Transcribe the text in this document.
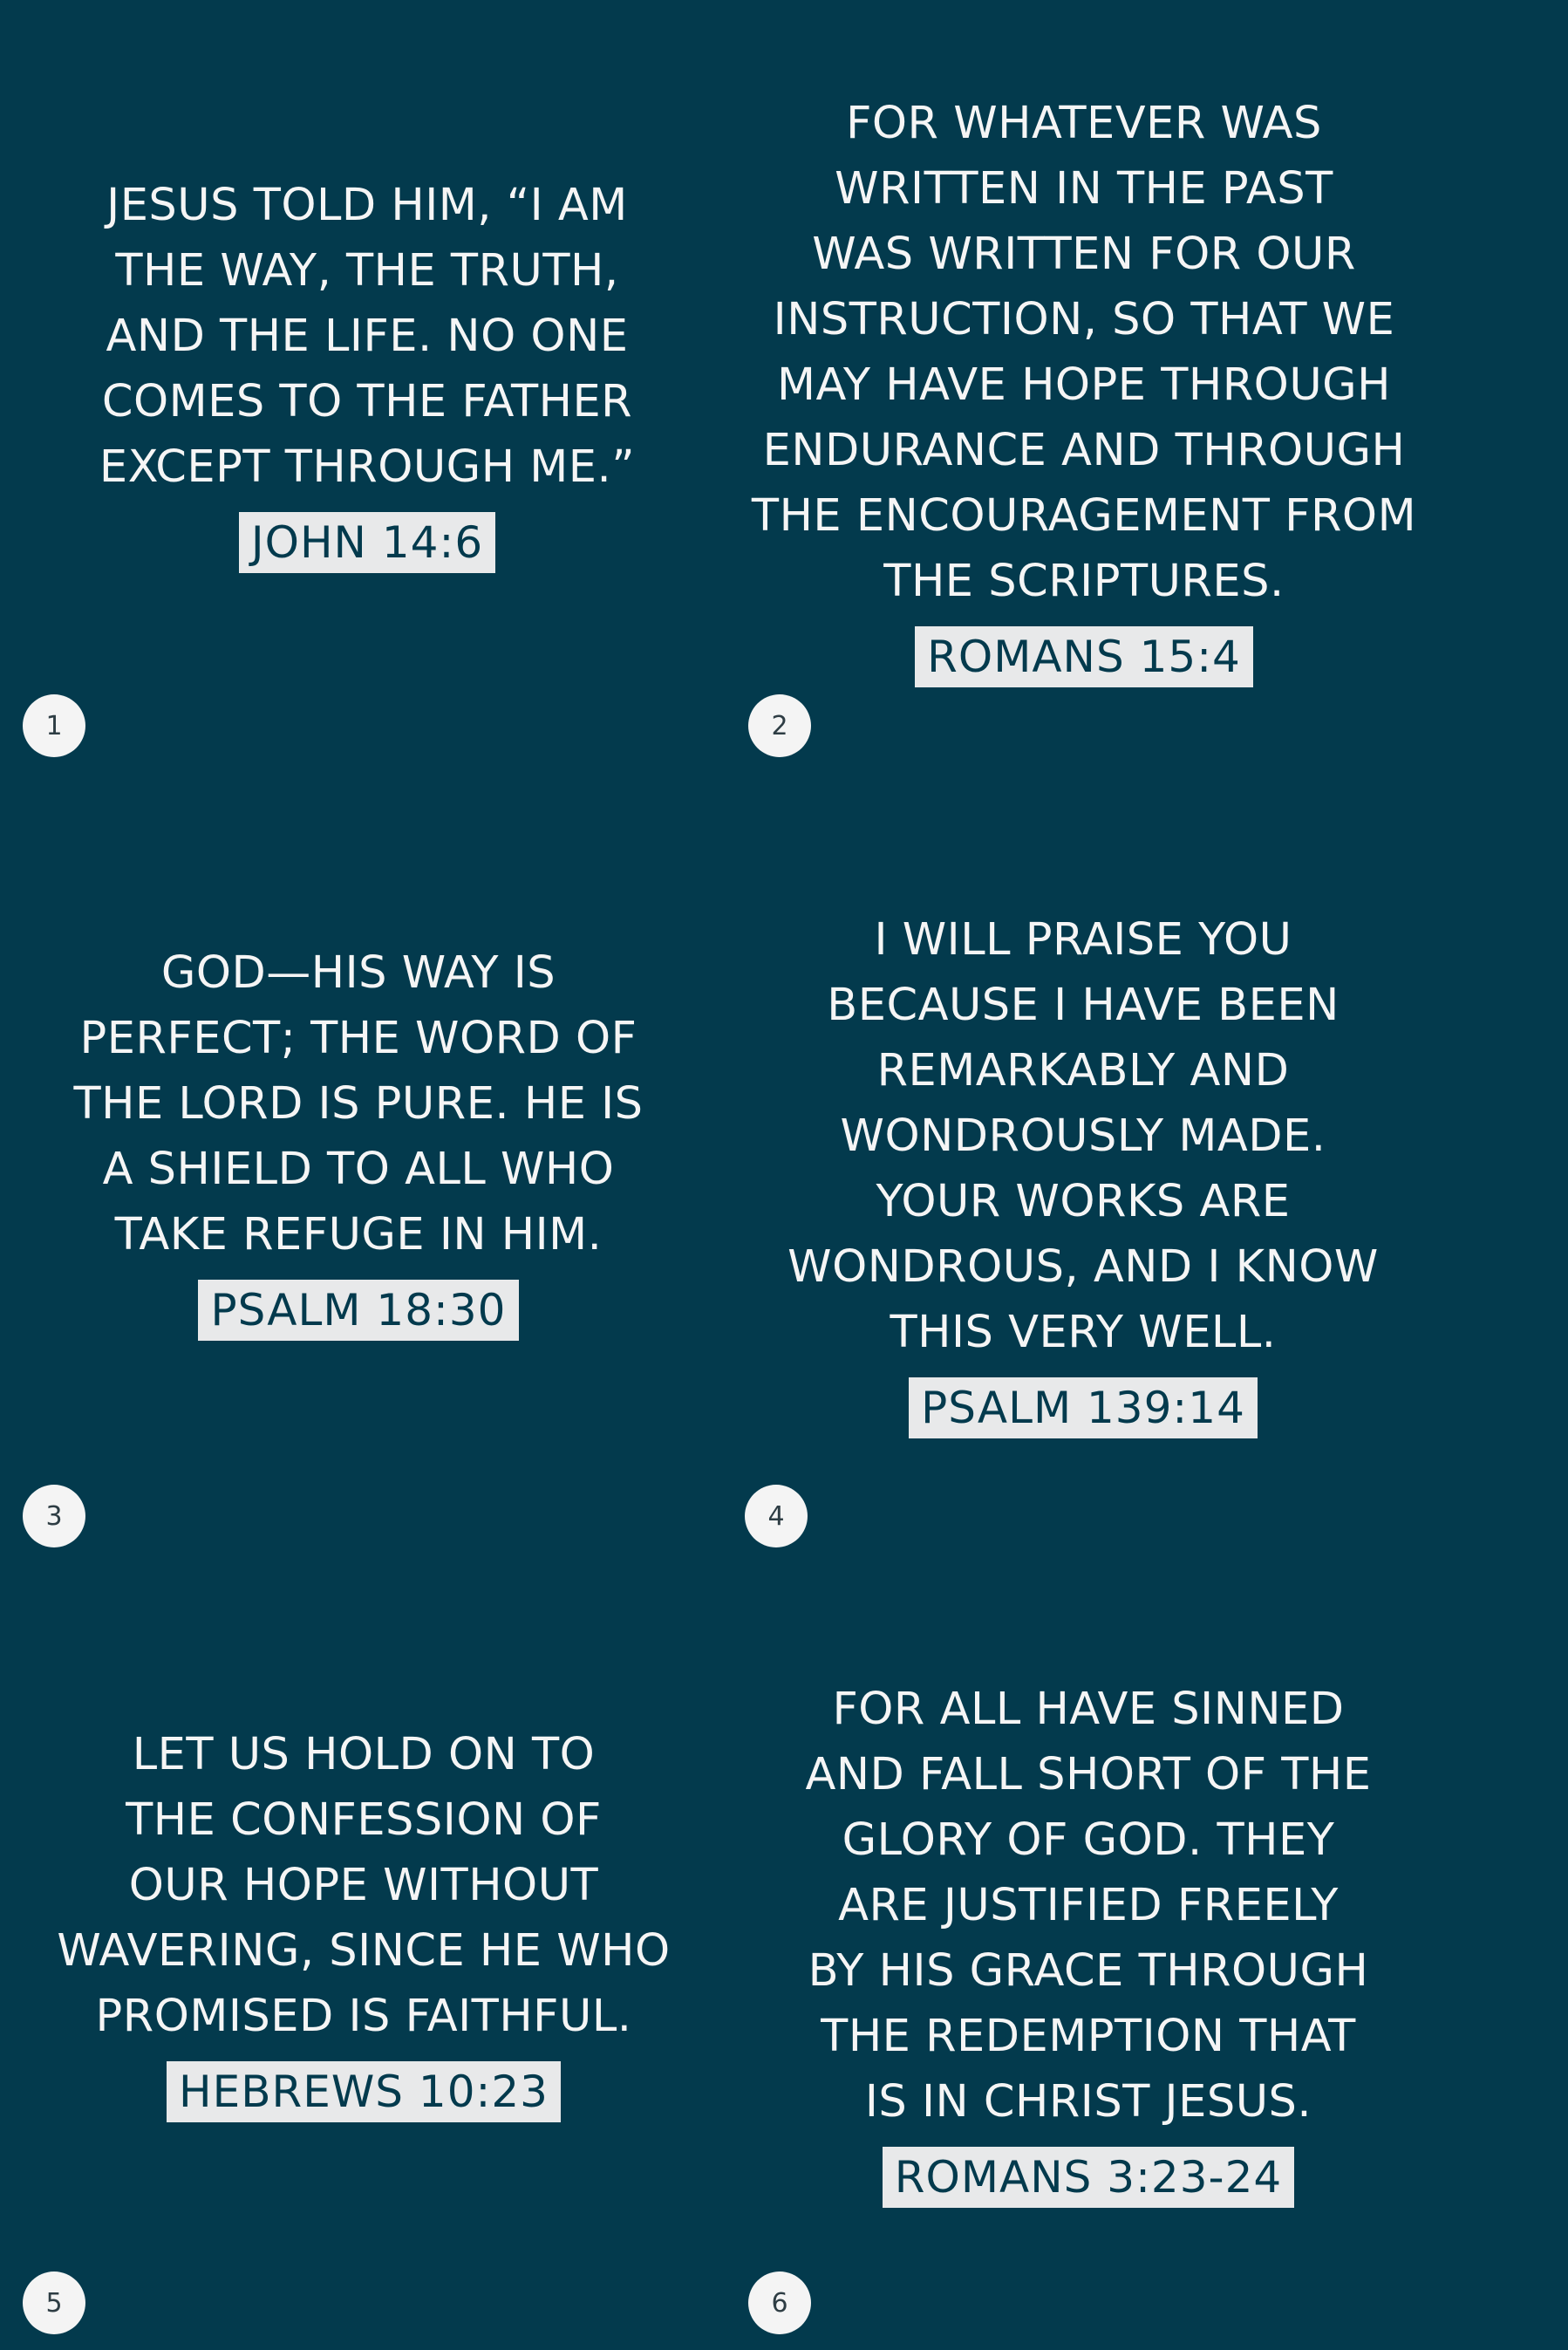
JESUS TOLD HIM, “I AM
THE WAY, THE TRUTH,
AND THE LIFE. NO ONE
COMES TO THE FATHER
EXCEPT THROUGH ME.”
JOHN 14:6
1
FOR WHATEVER WAS
WRITTEN IN THE PAST
WAS WRITTEN FOR OUR
INSTRUCTION, SO THAT WE
MAY HAVE HOPE THROUGH
ENDURANCE AND THROUGH
THE ENCOURAGEMENT FROM
THE SCRIPTURES.
ROMANS 15:4
2
GOD—HIS WAY IS
PERFECT; THE WORD OF
THE LORD IS PURE. HE IS
A SHIELD TO ALL WHO
TAKE REFUGE IN HIM.
PSALM 18:30
3
I WILL PRAISE YOU
BECAUSE I HAVE BEEN
REMARKABLY AND
WONDROUSLY MADE.
YOUR WORKS ARE
WONDROUS, AND I KNOW
THIS VERY WELL.
PSALM 139:14
4
LET US HOLD ON TO
THE CONFESSION OF
OUR HOPE WITHOUT
WAVERING, SINCE HE WHO
PROMISED IS FAITHFUL.
HEBREWS 10:23
5
FOR ALL HAVE SINNED
AND FALL SHORT OF THE
GLORY OF GOD. THEY
ARE JUSTIFIED FREELY
BY HIS GRACE THROUGH
THE REDEMPTION THAT
IS IN CHRIST JESUS.
ROMANS 3:23-24
6
